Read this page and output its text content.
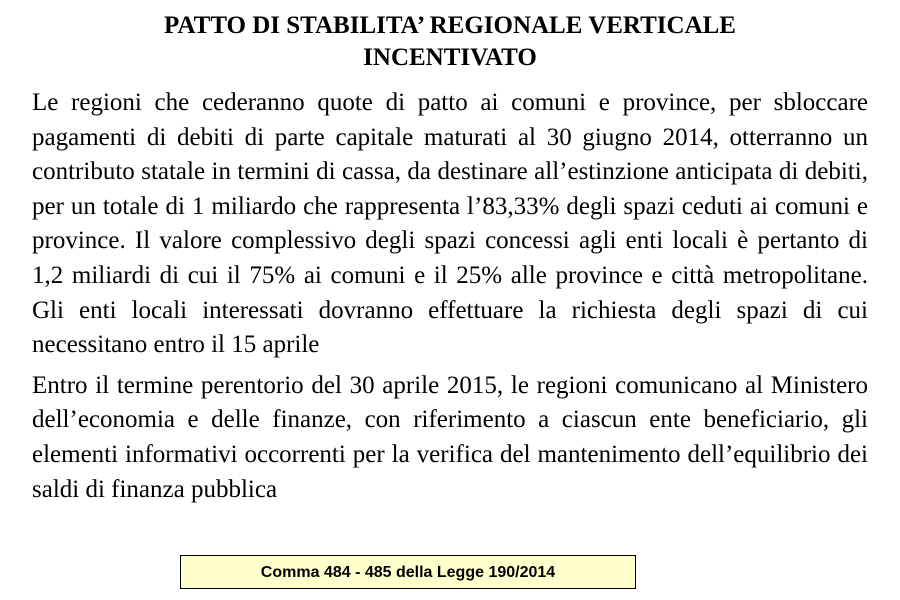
PATTO DI STABILITA’ REGIONALE VERTICALE
INCENTIVATO

Le regioni che cederanno quote di patto ai comuni e province, per sbloccare pagamenti di debiti di parte capitale maturati al 30 giugno 2014, otterranno un contributo statale in termini di cassa, da destinare all’estinzione anticipata di debiti, per un totale di 1 miliardo che rappresenta l’83,33% degli spazi ceduti ai comuni e province. Il valore complessivo degli spazi concessi agli enti locali è pertanto di 1,2 miliardi di cui il 75% ai comuni e il 25% alle province e città metropolitane. Gli enti locali interessati dovranno effettuare la richiesta degli spazi di cui necessitano entro il 15 aprile

Entro il termine perentorio del 30 aprile 2015, le regioni comunicano al Ministero dell’economia e delle finanze, con riferimento a ciascun ente beneficiario, gli elementi informativi occorrenti per la verifica del mantenimento dell’equilibrio dei saldi di finanza pubblica

Comma 484 - 485 della Legge 190/2014
